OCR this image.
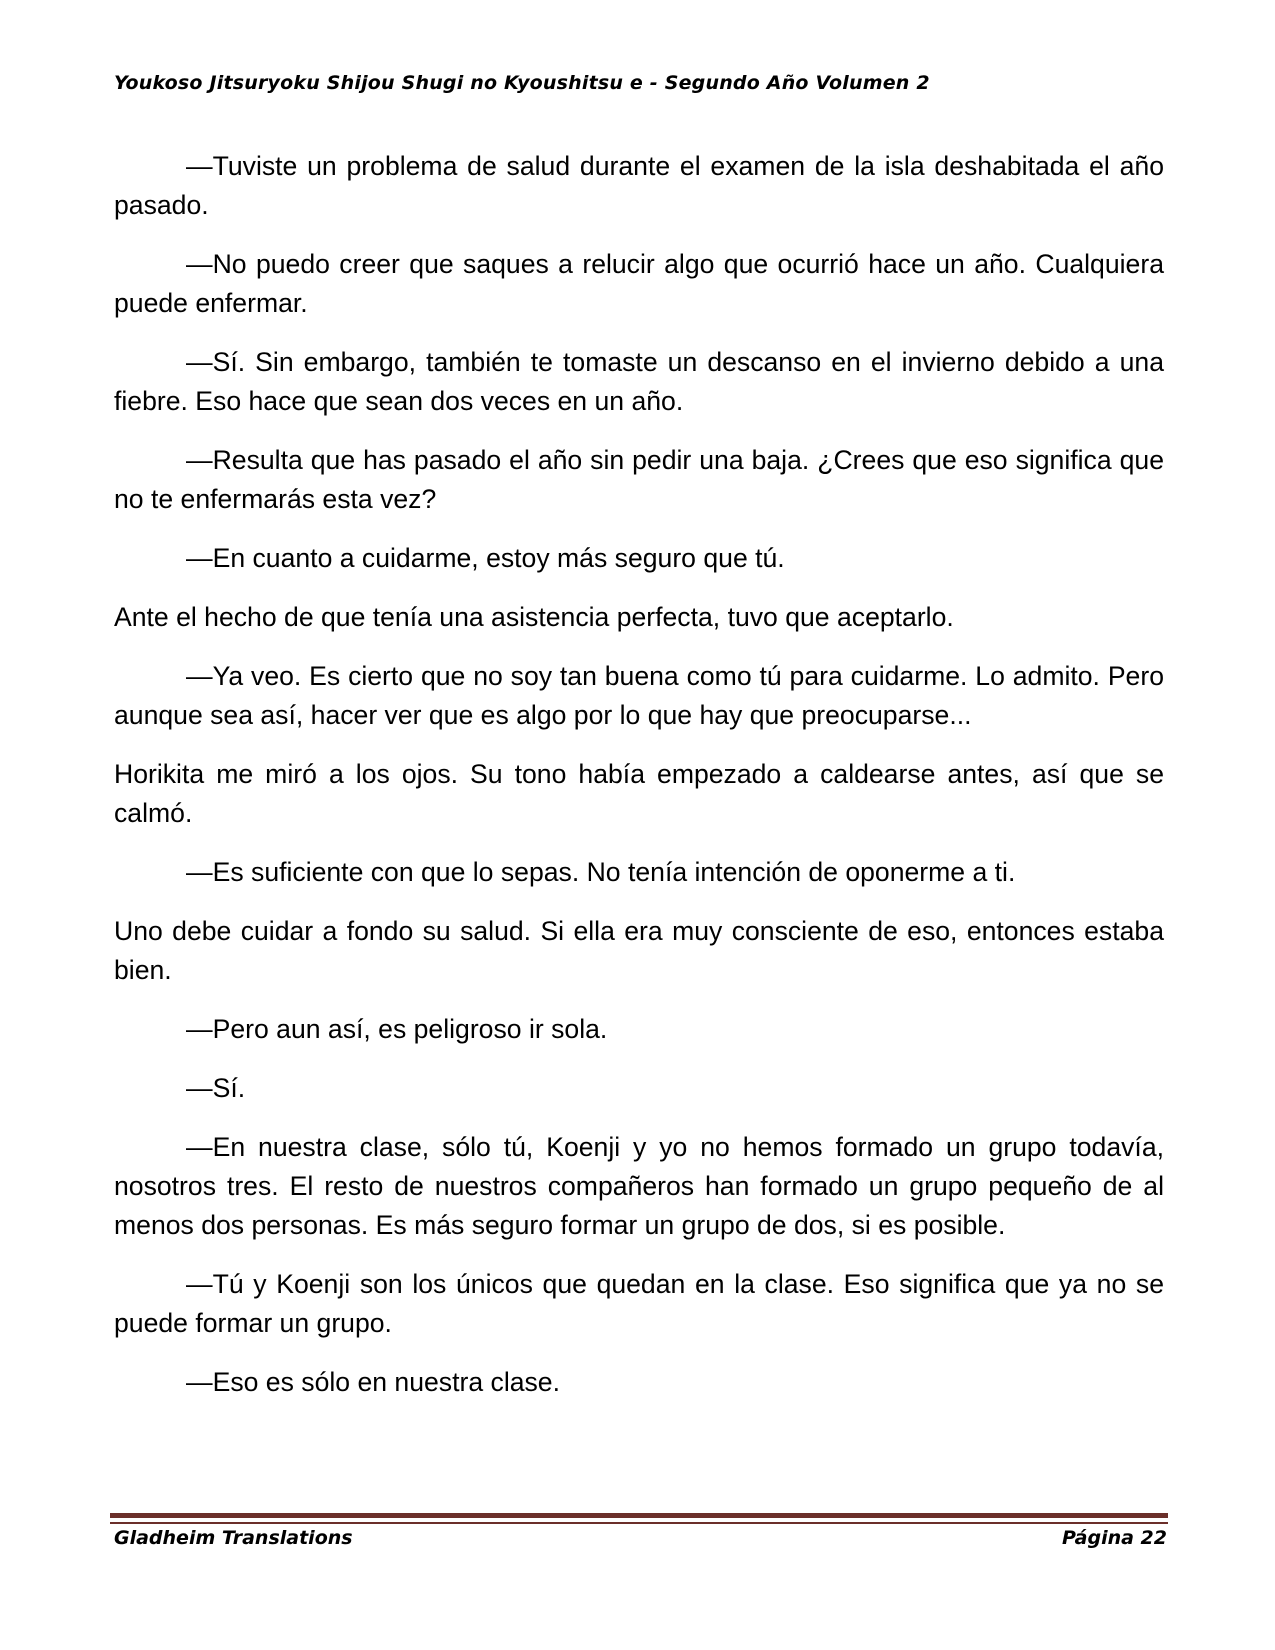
Youkoso Jitsuryoku Shijou Shugi no Kyoushitsu e - Segundo Año Volumen 2

—Tuviste un problema de salud durante el examen de la isla deshabitada el año pasado.

—No puedo creer que saques a relucir algo que ocurrió hace un año. Cualquiera puede enfermar.

—Sí. Sin embargo, también te tomaste un descanso en el invierno debido a una fiebre. Eso hace que sean dos veces en un año.

—Resulta que has pasado el año sin pedir una baja. ¿Crees que eso significa que no te enfermarás esta vez?

—En cuanto a cuidarme, estoy más seguro que tú.

Ante el hecho de que tenía una asistencia perfecta, tuvo que aceptarlo.

—Ya veo. Es cierto que no soy tan buena como tú para cuidarme. Lo admito. Pero aunque sea así, hacer ver que es algo por lo que hay que preocuparse...

Horikita me miró a los ojos. Su tono había empezado a caldearse antes, así que se calmó.

—Es suficiente con que lo sepas. No tenía intención de oponerme a ti.

Uno debe cuidar a fondo su salud. Si ella era muy consciente de eso, entonces estaba bien.

—Pero aun así, es peligroso ir sola.

—Sí.

—En nuestra clase, sólo tú, Koenji y yo no hemos formado un grupo todavía, nosotros tres. El resto de nuestros compañeros han formado un grupo pequeño de al menos dos personas. Es más seguro formar un grupo de dos, si es posible.

—Tú y Koenji son los únicos que quedan en la clase. Eso significa que ya no se puede formar un grupo.

—Eso es sólo en nuestra clase.

Gladheim Translations	Página 22
